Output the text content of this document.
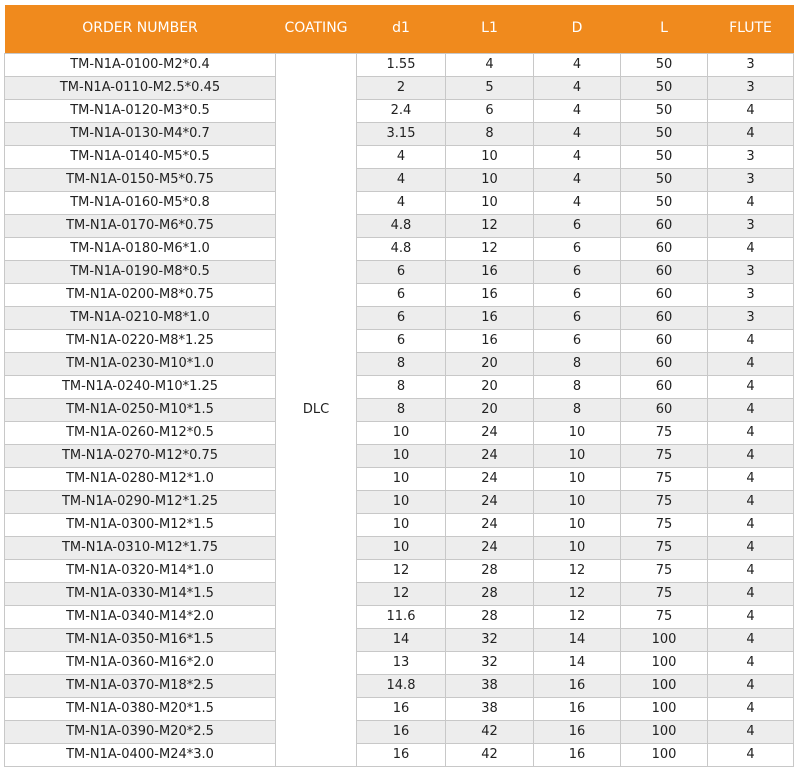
ORDER NUMBER	COATING	d1	L1	D	L	FLUTE
TM-N1A-0100-M2*0.4	DLC	1.55	4	4	50	3
TM-N1A-0110-M2.5*0.45		2	5	4	50	3
TM-N1A-0120-M3*0.5		2.4	6	4	50	4
TM-N1A-0130-M4*0.7		3.15	8	4	50	4
TM-N1A-0140-M5*0.5		4	10	4	50	3
TM-N1A-0150-M5*0.75		4	10	4	50	3
TM-N1A-0160-M5*0.8		4	10	4	50	4
TM-N1A-0170-M6*0.75		4.8	12	6	60	3
TM-N1A-0180-M6*1.0		4.8	12	6	60	4
TM-N1A-0190-M8*0.5		6	16	6	60	3
TM-N1A-0200-M8*0.75		6	16	6	60	3
TM-N1A-0210-M8*1.0		6	16	6	60	3
TM-N1A-0220-M8*1.25		6	16	6	60	4
TM-N1A-0230-M10*1.0		8	20	8	60	4
TM-N1A-0240-M10*1.25		8	20	8	60	4
TM-N1A-0250-M10*1.5		8	20	8	60	4
TM-N1A-0260-M12*0.5		10	24	10	75	4
TM-N1A-0270-M12*0.75		10	24	10	75	4
TM-N1A-0280-M12*1.0		10	24	10	75	4
TM-N1A-0290-M12*1.25		10	24	10	75	4
TM-N1A-0300-M12*1.5		10	24	10	75	4
TM-N1A-0310-M12*1.75		10	24	10	75	4
TM-N1A-0320-M14*1.0		12	28	12	75	4
TM-N1A-0330-M14*1.5		12	28	12	75	4
TM-N1A-0340-M14*2.0		11.6	28	12	75	4
TM-N1A-0350-M16*1.5		14	32	14	100	4
TM-N1A-0360-M16*2.0		13	32	14	100	4
TM-N1A-0370-M18*2.5		14.8	38	16	100	4
TM-N1A-0380-M20*1.5		16	38	16	100	4
TM-N1A-0390-M20*2.5		16	42	16	100	4
TM-N1A-0400-M24*3.0		16	42	16	100	4
